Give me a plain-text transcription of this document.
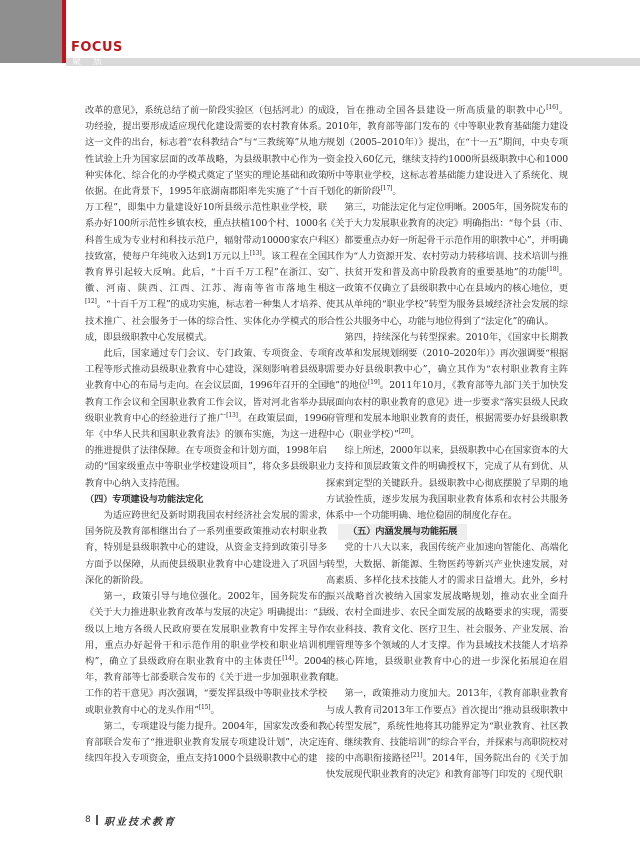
FOCUS
聚焦

改革的意见》，系统总结了前一阶段实验区（包括河北）的成功经验，提出要形成适应现代化建设需要的农村教育体系。这一文件的出台，标志着“农科教结合”与“三教统筹”从地方性试验上升为国家层面的改革战略，为县级职教中心作为一种实体化、综合化的办学模式奠定了坚实的理论基础和政策依据。在此背景下，1995年底湖南郡阳率先实施了“十百千万工程”，即集中力量建设好10所县级示范性职业学校，联系办好100所示范性乡镇农校，重点扶植100个村、1000名科普生成为专业村和科技示范户，辐射带动10000家农户科技致富，使每户年纯收入达到1万元以上[13]。该工程在全国教育界引起较大反响。此后，“十百千万工程”在浙江、安徽、河南、陕西、江西、江苏、海南等省市落地生根[12]。“十百千万工程”的成功实施，标志着一种集人才培养、技术推广、社会服务于一体的综合性、实体化办学模式的形成，即县级职教中心发展模式。

此后，国家通过专门会议、专门政策、专项资金、专项工程等形式推动县级职业教育中心建设，深刻影响着县级职业教育中心的布局与走向。在会议层面，1996年召开的全国教育工作会议和全国职业教育工作会议，皆对河北省举办县级职业教育中心的经验进行了推广[13]。在政策层面，1996年《中华人民共和国职业教育法》的颁布实施，为这一进程的推进提供了法律保障。在专项资金和计划方面，1998年启动的“国家级重点中等职业学校建设项目”，将众多县级职业教育中心纳入支持范围。

（四）专项建设与功能法定化

为适应跨世纪及新时期我国农村经济社会发展的需求，国务院及教育部相继出台了一系列重要政策推动农村职业教育，特别是县级职教中心的建设，从资金支持到政策引导多方面予以保障，从而使县级职业教育中心建设进入了巩固与深化的新阶段。

第一，政策引导与地位强化。2002年，国务院发布的《关于大力推进职业教育改革与发展的决定》明确提出：“县级以上地方各级人民政府要在发展职业教育中发挥主导作用，重点办好起骨干和示范作用的职业学校和职业培训机构”，确立了县级政府在职业教育中的主体责任[14]。2004年，教育部等七部委联合发布的《关于进一步加强职业教育工作的若干意见》再次强调，“要发挥县级中等职业技术学校或职业教育中心的龙头作用”[15]。

第二，专项建设与能力提升。2004年，国家发改委和教育部联合发布了“推进职业教育发展专项建设计划”，决定连续四年投入专项资金，重点支持1000个县级职教中心的建

设，旨在推动全国各县建设一所高质量的职教中心[16]。2010年，教育部等部门发布的《中等职业教育基础能力建设规划（2005–2010年）》提出，在“十一五”期间，中央专项资金投入60亿元，继续支持约1000所县级职教中心和1000所中等职业学校，这标志着基础能力建设进入了系统化、规划化的新阶段[17]。

第三，功能法定化与定位明晰。2005年，国务院发布的《关于大力发展职业教育的决定》明确指出：“每个县（市、区）都要重点办好一所起骨干示范作用的职教中心”，并明确其作为“人力资源开发、农村劳动力转移培训、技术培训与推广、扶贫开发和普及高中阶段教育的重要基地”的功能[18]。这一政策不仅确立了县级职教中心在县域内的核心地位，更使其从单纯的“职业学校”转型为服务县域经济社会发展的综合性公共服务中心，功能与地位得到了“法定化”的确认。

第四，持续深化与转型探索。2010年，《国家中长期教育改革和发展规划纲要（2010–2020年）》再次强调要“根据需要办好县级职教中心”，确立其作为“农村职业教育主阵地”的地位[19]。2011年10月，《教育部等九部门关于加快发展面向农村的职业教育的意见》进一步要求“落实县级人民政府管理和发展本地职业教育的责任，根据需要办好县级职教中心（职业学校）”[20]。

综上所述，2000年以来，县级职教中心在国家资本的大力支持和顶层政策文件的明确授权下，完成了从有到优、从探索到定型的关键跃升。县级职教中心彻底摆脱了早期的地方试验性质，逐步发展为我国职业教育体系和农村公共服务体系中一个功能明确、地位稳固的制度化存在。

（五）内涵发展与功能拓展

党的十八大以来，我国传统产业加速向智能化、高端化转型，大数据、新能源、生物医药等新兴产业快速发展，对高素质、多样化技术技能人才的需求日益增大。此外，乡村振兴战略首次被纳入国家发展战略规划，推动农业全面升级、农村全面进步、农民全面发展的战略要求的实现，需要农业科技、教育文化、医疗卫生、社会服务、产业发展、治理管理等多个领域的人才支撑。作为县域技术技能人才培养的核心阵地，县级职业教育中心的进一步深化拓展迫在眉睫。

第一，政策推动力度加大。2013年，《教育部职业教育与成人教育司2013年工作要点》首次提出“推动县级职教中心转型发展”，系统性地将其功能界定为“职业教育、社区教育、继续教育、技能培训”的综合平台，并探索与高职院校对接的中高职衔接路径[21]。2014年，国务院出台的《关于加快发展现代职业教育的决定》和教育部等门印发的《现代职

8 职业技术教育
